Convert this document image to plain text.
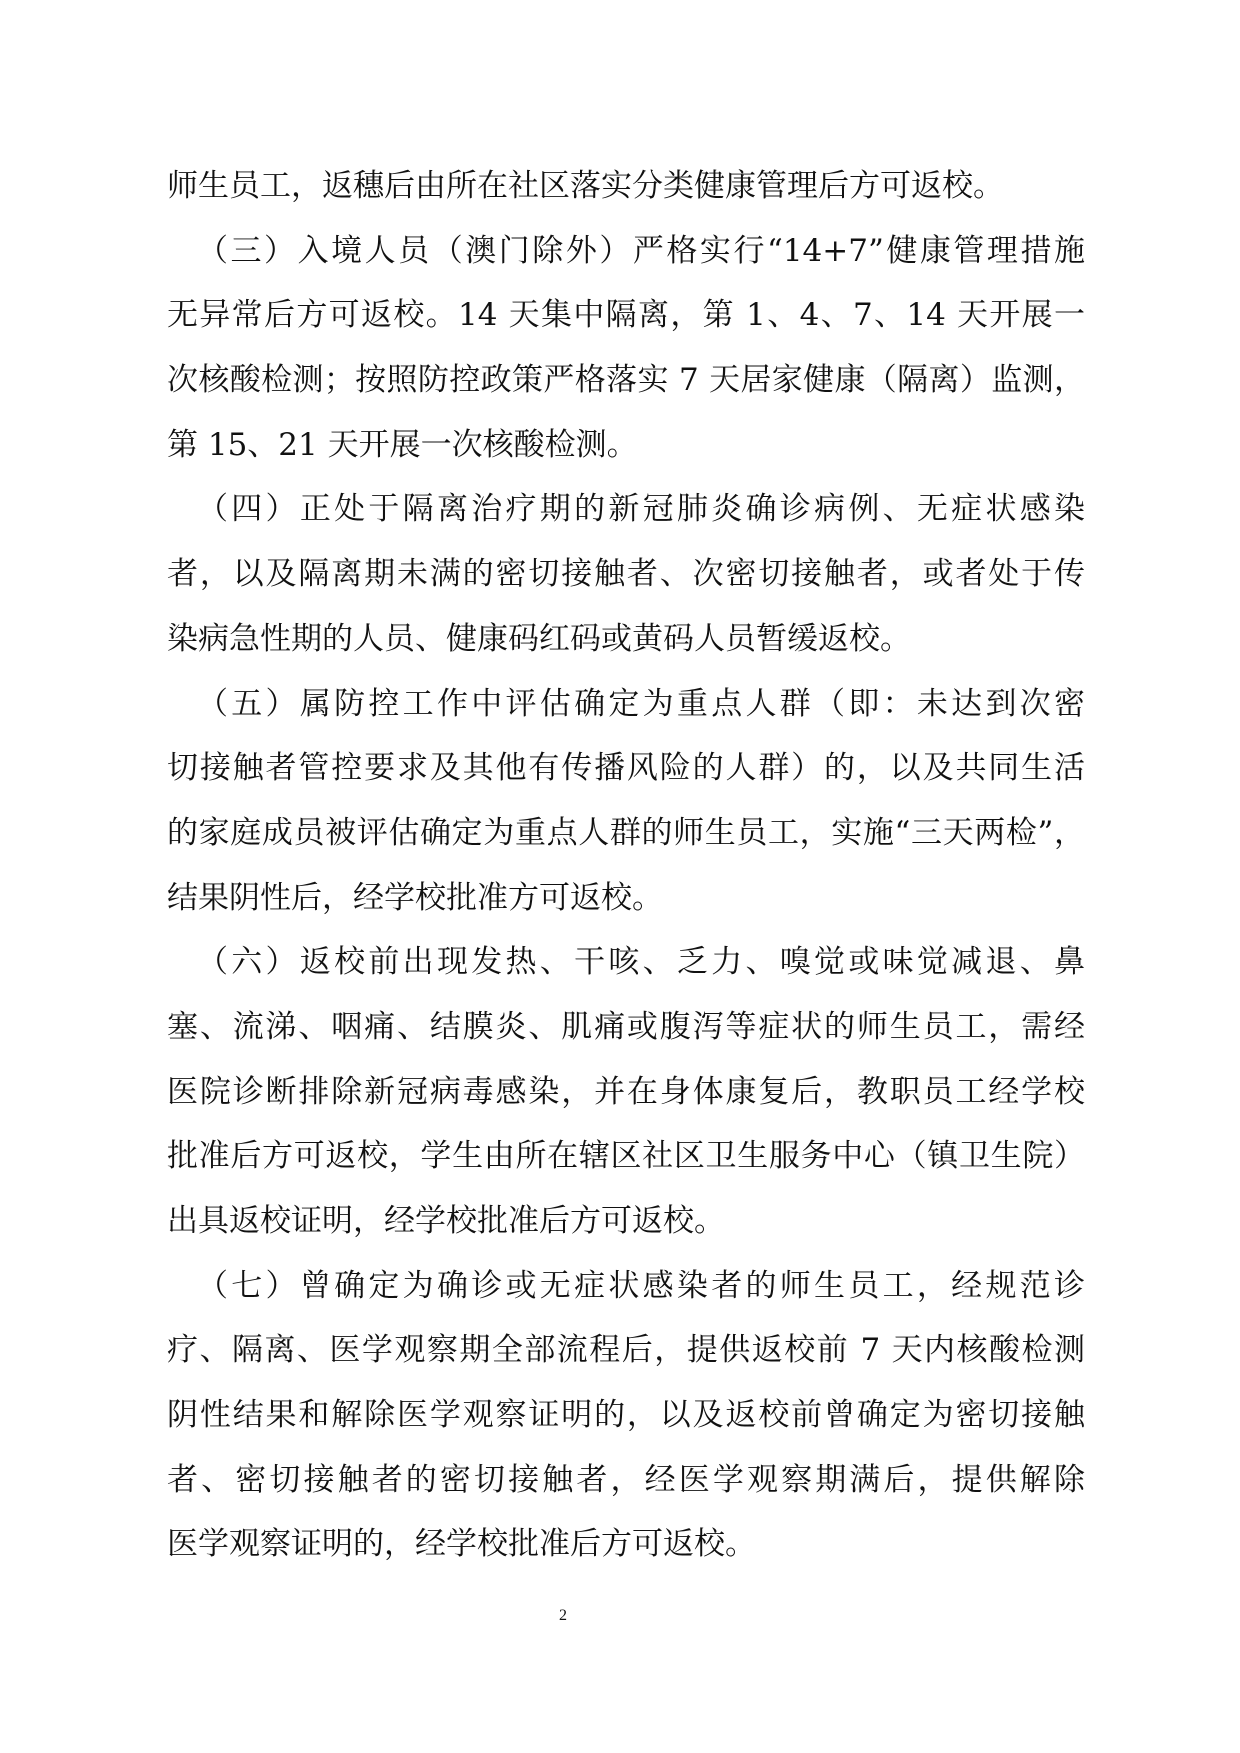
师生员工，返穗后由所在社区落实分类健康管理后方可返校。
（三）入境人员（澳门除外）严格实行“14+7”健康管理措施
无异常后方可返校。14 天集中隔离，第 1、4、7、14 天开展一
次核酸检测；按照防控政策严格落实 7 天居家健康（隔离）监测，
第 15、21 天开展一次核酸检测。
（四）正处于隔离治疗期的新冠肺炎确诊病例、无症状感染
者，以及隔离期未满的密切接触者、次密切接触者，或者处于传
染病急性期的人员、健康码红码或黄码人员暂缓返校。
（五）属防控工作中评估确定为重点人群（即：未达到次密
切接触者管控要求及其他有传播风险的人群）的，以及共同生活
的家庭成员被评估确定为重点人群的师生员工，实施“三天两检”，
结果阴性后，经学校批准方可返校。
（六）返校前出现发热、干咳、乏力、嗅觉或味觉减退、鼻
塞、流涕、咽痛、结膜炎、肌痛或腹泻等症状的师生员工，需经
医院诊断排除新冠病毒感染，并在身体康复后，教职员工经学校
批准后方可返校，学生由所在辖区社区卫生服务中心（镇卫生院）
出具返校证明，经学校批准后方可返校。
（七）曾确定为确诊或无症状感染者的师生员工，经规范诊
疗、隔离、医学观察期全部流程后，提供返校前 7 天内核酸检测
阴性结果和解除医学观察证明的，以及返校前曾确定为密切接触
者、密切接触者的密切接触者，经医学观察期满后，提供解除
医学观察证明的，经学校批准后方可返校。
2
